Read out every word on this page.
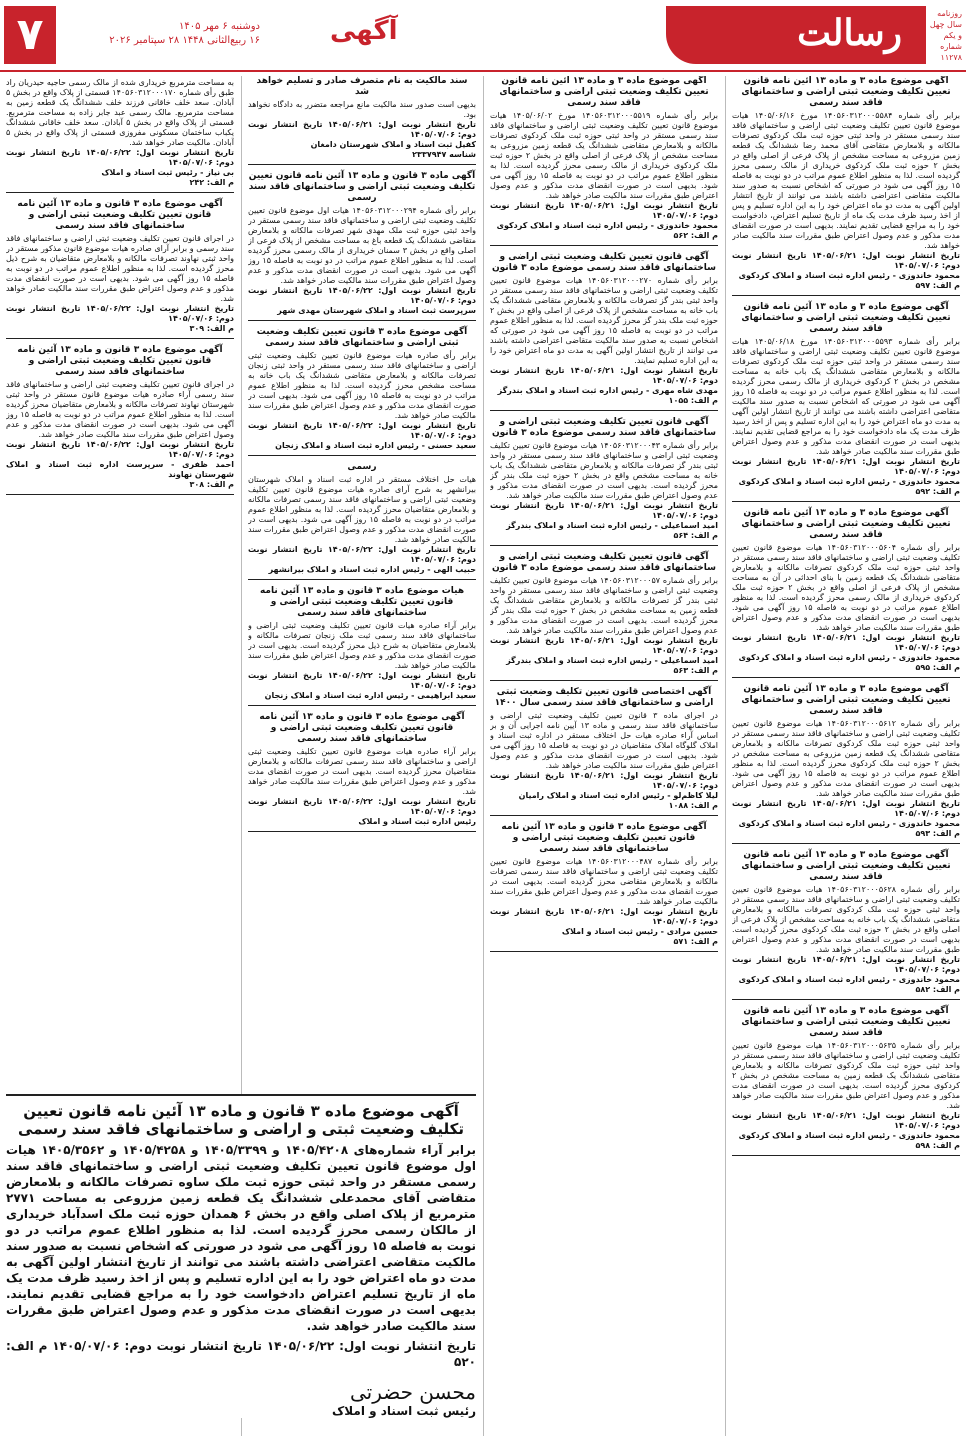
روزنامه
سال چهل و یکم
شماره ۱۱۲۷۸
رسالت
آگهی
دوشنبه ۶ مهر ۱۴۰۵
۱۶ ربیع‌الثانی ۱۴۴۸ ۲۸ سپتامبر ۲۰۲۶
۷
آگهی موضوع ماده ۳ و ماده ۱۳ آئین نامه قانون تعیین تکلیف وضعیت ثبتی اراضی و ساختمانهای فاقد سند رسمی

برابر رأی شماره ۱۴۰۵۶۰۳۱۲۰۰۰۵۵۸۴ مورخ ۱۴۰۵/۰۶/۱۶ هیات موضوع قانون تعیین تکلیف وضعیت ثبتی اراضی و ساختمانهای فاقد سند رسمی مستقر در واحد ثبتی حوزه ثبت ملک کردکوی تصرفات مالکانه و بلامعارض متقاضی آقای محمد رضا ششدانگ یک قطعه زمین مزروعی به مساحت مشخص از پلاک فرعی از اصلی واقع در بخش ۲ حوزه ثبت ملک کردکوی خریداری از مالک رسمی محرز گردیده است. لذا به منظور اطلاع عموم مراتب در دو نوبت به فاصله ۱۵ روز آگهی می شود در صورتی که اشخاص نسبت به صدور سند مالکیت متقاضی اعتراضی داشته باشند می توانند از تاریخ انتشار اولین آگهی به مدت دو ماه اعتراض خود را به این اداره تسلیم و پس از اخذ رسید ظرف مدت یک ماه از تاریخ تسلیم اعتراض، دادخواست خود را به مراجع قضایی تقدیم نمایند. بدیهی است در صورت انقضای مدت مذکور و عدم وصول اعتراض طبق مقررات سند مالکیت صادر خواهد شد.

تاریخ انتشار نوبت اول: ۱۴۰۵/۰۶/۲۱ تاریخ انتشار نوبت دوم: ۱۴۰۵/۰۷/۰۶

محمود خاندوزی - رئیس اداره ثبت اسناد و املاک کردکوی

م الف: ۵۹۷

آگهی موضوع ماده ۳ و ماده ۱۳ آئین نامه قانون تعیین تکلیف وضعیت ثبتی اراضی و ساختمانهای فاقد سند رسمی

برابر رأی شماره ۱۴۰۵۶۰۳۱۲۰۰۰۵۵۹۳ مورخ ۱۴۰۵/۰۶/۱۸ هیات موضوع قانون تعیین تکلیف وضعیت ثبتی اراضی و ساختمانهای فاقد سند رسمی مستقر در واحد ثبتی حوزه ثبت ملک کردکوی تصرفات مالکانه و بلامعارض متقاضی ششدانگ یک باب خانه به مساحت مشخص در بخش ۲ کردکوی خریداری از مالک رسمی محرز گردیده است. لذا به منظور اطلاع عموم مراتب در دو نوبت به فاصله ۱۵ روز آگهی می شود در صورتی که اشخاص نسبت به صدور سند مالکیت متقاضی اعتراضی داشته باشند می توانند از تاریخ انتشار اولین آگهی به مدت دو ماه اعتراض خود را به این اداره تسلیم و پس از اخذ رسید ظرف مدت یک ماه دادخواست خود را به مراجع قضایی تقدیم نمایند. بدیهی است در صورت انقضای مدت مذکور و عدم وصول اعتراض طبق مقررات سند مالکیت صادر خواهد شد.

تاریخ انتشار نوبت اول: ۱۴۰۵/۰۶/۲۱ تاریخ انتشار نوبت دوم: ۱۴۰۵/۰۷/۰۶

محمود خاندوزی - رئیس اداره ثبت اسناد و املاک کردکوی

م الف: ۵۹۲

آگهی موضوع ماده ۳ و ماده ۱۳ آئین نامه قانون تعیین تکلیف وضعیت ثبتی اراضی و ساختمانهای فاقد سند رسمی

برابر رأی شماره ۱۴۰۵۶۰۳۱۲۰۰۰۵۶۰۴ هیات موضوع قانون تعیین تکلیف وضعیت ثبتی اراضی و ساختمانهای فاقد سند رسمی مستقر در واحد ثبتی حوزه ثبت ملک کردکوی تصرفات مالکانه و بلامعارض متقاضی ششدانگ یک قطعه زمین با بنای احداثی در آن به مساحت مشخص از پلاک فرعی از اصلی واقع در بخش ۲ حوزه ثبت ملک کردکوی خریداری از مالک رسمی محرز گردیده است. لذا به منظور اطلاع عموم مراتب در دو نوبت به فاصله ۱۵ روز آگهی می شود. بدیهی است در صورت انقضای مدت مذکور و عدم وصول اعتراض طبق مقررات سند مالکیت صادر خواهد شد.

تاریخ انتشار نوبت اول: ۱۴۰۵/۰۶/۲۱ تاریخ انتشار نوبت دوم: ۱۴۰۵/۰۷/۰۶

محمود خاندوزی - رئیس اداره ثبت اسناد و املاک کردکوی

م الف: ۵۹۵

آگهی موضوع ماده ۳ و ماده ۱۳ آئین نامه قانون تعیین تکلیف وضعیت ثبتی اراضی و ساختمانهای فاقد سند رسمی

برابر رأی شماره ۱۴۰۵۶۰۳۱۲۰۰۰۵۶۱۲ هیات موضوع قانون تعیین تکلیف وضعیت ثبتی اراضی و ساختمانهای فاقد سند رسمی مستقر در واحد ثبتی حوزه ثبت ملک کردکوی تصرفات مالکانه و بلامعارض متقاضی ششدانگ یک قطعه زمین مزروعی به مساحت مشخص در بخش ۲ حوزه ثبت ملک کردکوی محرز گردیده است. لذا به منظور اطلاع عموم مراتب در دو نوبت به فاصله ۱۵ روز آگهی می شود. بدیهی است در صورت انقضای مدت مذکور و عدم وصول اعتراض طبق مقررات سند مالکیت صادر خواهد شد.

تاریخ انتشار نوبت اول: ۱۴۰۵/۰۶/۲۱ تاریخ انتشار نوبت دوم: ۱۴۰۵/۰۷/۰۶

محمود خاندوزی - رئیس اداره ثبت اسناد و املاک کردکوی

م الف: ۵۹۳

آگهی موضوع ماده ۳ و ماده ۱۳ آئین نامه قانون تعیین تکلیف وضعیت ثبتی اراضی و ساختمانهای فاقد سند رسمی

برابر رأی شماره ۱۴۰۵۶۰۳۱۲۰۰۰۵۶۲۸ هیات موضوع قانون تعیین تکلیف وضعیت ثبتی اراضی و ساختمانهای فاقد سند رسمی مستقر در واحد ثبتی حوزه ثبت ملک کردکوی تصرفات مالکانه و بلامعارض متقاضی ششدانگ یک باب خانه به مساحت مشخص از پلاک فرعی از اصلی واقع در بخش ۲ حوزه ثبت ملک کردکوی محرز گردیده است. بدیهی است در صورت انقضای مدت مذکور و عدم وصول اعتراض طبق مقررات سند مالکیت صادر خواهد شد.

تاریخ انتشار نوبت اول: ۱۴۰۵/۰۶/۲۱ تاریخ انتشار نوبت دوم: ۱۴۰۵/۰۷/۰۶

محمود خاندوزی - رئیس اداره ثبت اسناد و املاک کردکوی

م الف: ۵۸۲

آگهی موضوع ماده ۳ و ماده ۱۳ آئین نامه قانون تعیین تکلیف وضعیت ثبتی اراضی و ساختمانهای فاقد سند رسمی

برابر رأی شماره ۱۴۰۵۶۰۳۱۲۰۰۰۵۶۳۵ هیات موضوع قانون تعیین تکلیف وضعیت ثبتی اراضی و ساختمانهای فاقد سند رسمی مستقر در واحد ثبتی حوزه ثبت ملک کردکوی تصرفات مالکانه و بلامعارض متقاضی ششدانگ یک قطعه زمین به مساحت مشخص در بخش ۲ کردکوی محرز گردیده است. بدیهی است در صورت انقضای مدت مذکور و عدم وصول اعتراض طبق مقررات سند مالکیت صادر خواهد شد.

تاریخ انتشار نوبت اول: ۱۴۰۵/۰۶/۲۱ تاریخ انتشار نوبت دوم: ۱۴۰۵/۰۷/۰۶

محمود خاندوزی - رئیس اداره ثبت اسناد و املاک کردکوی

م الف: ۵۹۸

آگهی موضوع ماده ۳ و ماده ۱۳ آئین نامه قانون تعیین تکلیف وضعیت ثبتی اراضی و ساختمانهای فاقد سند رسمی

برابر رأی شماره ۱۴۰۵۶۰۳۱۲۰۰۰۵۵۱۹ مورخ ۱۴۰۵/۰۶/۰۲ هیات موضوع قانون تعیین تکلیف وضعیت ثبتی اراضی و ساختمانهای فاقد سند رسمی مستقر در واحد ثبتی حوزه ثبت ملک کردکوی تصرفات مالکانه و بلامعارض متقاضی ششدانگ یک قطعه زمین مزروعی به مساحت مشخص از پلاک فرعی از اصلی واقع در بخش ۲ حوزه ثبت ملک کردکوی خریداری از مالک رسمی محرز گردیده است. لذا به منظور اطلاع عموم مراتب در دو نوبت به فاصله ۱۵ روز آگهی می شود. بدیهی است در صورت انقضای مدت مذکور و عدم وصول اعتراض طبق مقررات سند مالکیت صادر خواهد شد.

تاریخ انتشار نوبت اول: ۱۴۰۵/۰۶/۲۱ تاریخ انتشار نوبت دوم: ۱۴۰۵/۰۷/۰۶

محمود خاندوزی - رئیس اداره ثبت اسناد و املاک کردکوی

م الف: ۵۶۲

آگهی قانون تعیین تکلیف وضعیت ثبتی اراضی و ساختمانهای فاقد سند رسمی موضوع ماده ۳ قانون

برابر رأی شماره ۱۴۰۵۶۰۳۱۲۰۰۰۲۷۰ هیات موضوع قانون تعیین تکلیف وضعیت ثبتی اراضی و ساختمانهای فاقد سند رسمی مستقر در واحد ثبتی بندر گز تصرفات مالکانه و بلامعارض متقاضی ششدانگ یک باب خانه به مساحت مشخص از پلاک فرعی از اصلی واقع در بخش ۲ حوزه ثبت ملک بندر گز محرز گردیده است. لذا به منظور اطلاع عموم مراتب در دو نوبت به فاصله ۱۵ روز آگهی می شود در صورتی که اشخاص نسبت به صدور سند مالکیت متقاضی اعتراضی داشته باشند می توانند از تاریخ انتشار اولین آگهی به مدت دو ماه اعتراض خود را به این اداره تسلیم نمایند.

تاریخ انتشار نوبت اول: ۱۴۰۵/۰۶/۲۱ تاریخ انتشار نوبت دوم: ۱۴۰۵/۰۷/۰۶

مهدی شاه مهری - رئیس اداره ثبت اسناد و املاک بندرگز

م الف: ۱۰۵۵

آگهی قانون تعیین تکلیف وضعیت ثبتی اراضی و ساختمانهای فاقد سند رسمی موضوع ماده ۳ قانون

برابر رأی شماره ۱۴۰۵۶۰۳۱۲۰۰۰۴۳ هیات موضوع قانون تعیین تکلیف وضعیت ثبتی اراضی و ساختمانهای فاقد سند رسمی مستقر در واحد ثبتی بندر گز تصرفات مالکانه و بلامعارض متقاضی ششدانگ یک باب خانه به مساحت مشخص واقع در بخش ۲ حوزه ثبت ملک بندر گز محرز گردیده است. بدیهی است در صورت انقضای مدت مذکور و عدم وصول اعتراض طبق مقررات سند مالکیت صادر خواهد شد.

تاریخ انتشار نوبت اول: ۱۴۰۵/۰۶/۲۱ تاریخ انتشار نوبت دوم: ۱۴۰۵/۰۷/۰۶

امید اسماعیلی - رئیس اداره ثبت اسناد و املاک بندرگز

م الف: ۵۶۴

آگهی قانون تعیین تکلیف وضعیت ثبتی اراضی و ساختمانهای فاقد سند رسمی موضوع ماده ۳ قانون

برابر رأی شماره ۱۴۰۵۶۰۳۱۲۰۰۰۵۷ هیات موضوع قانون تعیین تکلیف وضعیت ثبتی اراضی و ساختمانهای فاقد سند رسمی مستقر در واحد ثبتی بندر گز تصرفات مالکانه و بلامعارض متقاضی ششدانگ یک قطعه زمین به مساحت مشخص در بخش ۲ حوزه ثبت ملک بندر گز محرز گردیده است. بدیهی است در صورت انقضای مدت مذکور و عدم وصول اعتراض طبق مقررات سند مالکیت صادر خواهد شد.

تاریخ انتشار نوبت اول: ۱۴۰۵/۰۶/۲۱ تاریخ انتشار نوبت دوم: ۱۴۰۵/۰۷/۰۶

امید اسماعیلی - رئیس اداره ثبت اسناد و املاک بندرگز

م الف: ۵۶۳

آگهی اختصاصی قانون تعیین تکلیف وضعیت ثبتی اراضی و ساختمانهای فاقد سند رسمی سال ۱۴۰۰

در اجرای ماده ۳ قانون تعیین تکلیف وضعیت ثبتی اراضی و ساختمانهای فاقد سند رسمی و ماده ۱۳ آیین نامه اجرایی آن و بر اساس آراء صادره هیات حل اختلاف مستقر در اداره ثبت اسناد و املاک گلوگاه املاک متقاضیان در دو نوبت به فاصله ۱۵ روز آگهی می شود. بدیهی است در صورت انقضای مدت مذکور و عدم وصول اعتراض طبق مقررات سند مالکیت صادر خواهد شد.

تاریخ انتشار نوبت اول: ۱۴۰۵/۰۶/۲۱ تاریخ انتشار نوبت دوم: ۱۴۰۵/۰۷/۰۶

لیلا کاظم‌لو - رئیس اداره ثبت اسناد و املاک رامیان

م الف: ۱۰۸۸

آگهی موضوع ماده ۳ قانون و ماده ۱۳ آئین نامه قانون تعیین تکلیف وضعیت ثبتی اراضی و ساختمانهای فاقد سند رسمی

برابر رأی شماره ۱۴۰۵۶۰۳۱۲۰۰۰۴۸۷ هیات موضوع قانون تعیین تکلیف وضعیت ثبتی اراضی و ساختمانهای فاقد سند رسمی تصرفات مالکانه و بلامعارض متقاضی محرز گردیده است. بدیهی است در صورت انقضای مدت مذکور و عدم وصول اعتراض طبق مقررات سند مالکیت صادر خواهد شد.

تاریخ انتشار نوبت اول: ۱۴۰۵/۰۶/۲۱ تاریخ انتشار نوبت دوم: ۱۴۰۵/۰۷/۰۶

حسین مرادی - رئیس ثبت اسناد و املاک

م الف: ۵۷۱

سند مالکیت به نام متصرف صادر و تسلیم خواهد شد

بدیهی است صدور سند مالکیت مانع مراجعه متضرر به دادگاه نخواهد بود.

تاریخ انتشار نوبت اول: ۱۴۰۵/۰۶/۲۱ تاریخ انتشار نوبت دوم: ۱۴۰۵/۰۷/۰۶

کفیل ثبت اسناد و املاک شهرستان دامغان

شناسه ۲۳۳۷۹۴۷

آگهی ماده ۳ قانون و ماده ۱۳ آئین نامه قانون تعیین تکلیف وضعیت ثبتی اراضی و ساختمانهای فاقد سند رسمی

برابر رأی شماره ۱۴۰۵۶۰۳۱۲۰۰۰۲۹۴ هیات اول موضوع قانون تعیین تکلیف وضعیت ثبتی اراضی و ساختمانهای فاقد سند رسمی مستقر در واحد ثبتی حوزه ثبت ملک مهدی شهر تصرفات مالکانه و بلامعارض متقاضی ششدانگ یک قطعه باغ به مساحت مشخص از پلاک فرعی از اصلی واقع در بخش ۳ سمنان خریداری از مالک رسمی محرز گردیده است. لذا به منظور اطلاع عموم مراتب در دو نوبت به فاصله ۱۵ روز آگهی می شود. بدیهی است در صورت انقضای مدت مذکور و عدم وصول اعتراض طبق مقررات سند مالکیت صادر خواهد شد.

تاریخ انتشار نوبت اول: ۱۴۰۵/۰۶/۲۲ تاریخ انتشار نوبت دوم: ۱۴۰۵/۰۷/۰۶

سرپرست ثبت اسناد و املاک شهرستان مهدی شهر

آگهی موضوع ماده ۳ قانون تعیین تکلیف وضعیت ثبتی اراضی و ساختمانهای فاقد سند رسمی

برابر رأی صادره هیات موضوع قانون تعیین تکلیف وضعیت ثبتی اراضی و ساختمانهای فاقد سند رسمی مستقر در واحد ثبتی زنجان تصرفات مالکانه و بلامعارض متقاضی ششدانگ یک باب خانه به مساحت مشخص محرز گردیده است. لذا به منظور اطلاع عموم مراتب در دو نوبت به فاصله ۱۵ روز آگهی می شود. بدیهی است در صورت انقضای مدت مذکور و عدم وصول اعتراض طبق مقررات سند مالکیت صادر خواهد شد.

تاریخ انتشار نوبت اول: ۱۴۰۵/۰۶/۲۲ تاریخ انتشار نوبت دوم: ۱۴۰۵/۰۷/۰۶

سعید حسنی - رئیس اداره ثبت اسناد و املاک زنجان

رسمی

هیات حل اختلاف مستقر در اداره ثبت اسناد و املاک شهرستان بیرانشهر به شرح آرای صادره هیات موضوع قانون تعیین تکلیف وضعیت ثبتی اراضی و ساختمانهای فاقد سند رسمی تصرفات مالکانه و بلامعارض متقاضیان محرز گردیده است. لذا به منظور اطلاع عموم مراتب در دو نوبت به فاصله ۱۵ روز آگهی می شود. بدیهی است در صورت انقضای مدت مذکور و عدم وصول اعتراض طبق مقررات سند مالکیت صادر خواهد شد.

تاریخ انتشار نوبت اول: ۱۴۰۵/۰۶/۲۲ تاریخ انتشار نوبت دوم: ۱۴۰۵/۰۷/۰۶

حبیب الهی - رئیس اداره ثبت اسناد و املاک بیرانشهر

هیات موضوع ماده ۳ قانون و ماده ۱۳ آئین نامه قانون تعیین تکلیف وضعیت ثبتی اراضی و ساختمانهای فاقد سند رسمی

برابر آراء صادره هیات قانون تعیین تکلیف وضعیت ثبتی اراضی و ساختمانهای فاقد سند رسمی ثبت ملک زنجان تصرفات مالکانه و بلامعارض متقاضیان به شرح ذیل محرز گردیده است. بدیهی است در صورت انقضای مدت مذکور و عدم وصول اعتراض طبق مقررات سند مالکیت صادر خواهد شد.

تاریخ انتشار نوبت اول: ۱۴۰۵/۰۶/۲۲ تاریخ انتشار نوبت دوم: ۱۴۰۵/۰۷/۰۶

سعید ابراهیمی - رئیس اداره ثبت اسناد و املاک زنجان

آگهی موضوع ماده ۳ قانون و ماده ۱۳ آئین نامه قانون تعیین تکلیف وضعیت ثبتی اراضی و ساختمانهای فاقد سند رسمی

برابر آراء صادره هیات موضوع قانون تعیین تکلیف وضعیت ثبتی اراضی و ساختمانهای فاقد سند رسمی تصرفات مالکانه و بلامعارض متقاضیان محرز گردیده است. بدیهی است در صورت انقضای مدت مذکور و عدم وصول اعتراض طبق مقررات سند مالکیت صادر خواهد شد.

تاریخ انتشار نوبت اول: ۱۴۰۵/۰۶/۲۲ تاریخ انتشار نوبت دوم: ۱۴۰۵/۰۷/۰۶

رئیس اداره ثبت اسناد و املاک

به مساحت مترمربع خریداری شده از مالک رسمی حاجیه حیدریان راد طبق رأی شماره ۱۴۰۵۶۰۳۱۲۰۰۰۱۷۰ قسمتی از پلاک واقع در بخش ۵ آبادان. سعد خلف خاقانی فرزند خلف ششدانگ یک قطعه زمین به مساحت مترمربع. مالک رسمی عبد جابر زاده به مساحت مترمربع. قسمتی از پلاک واقع در بخش ۵ آبادان. سعد خلف خاقانی ششدانگ یکباب ساختمان مسکونی مفروزی قسمتی از پلاک واقع در بخش ۵ آبادان. مالکیت صادر خواهد شد.

تاریخ انتشار نوبت اول: ۱۴۰۵/۰۶/۲۲ تاریخ انتشار نوبت دوم: ۱۴۰۵/۰۷/۰۶

بی نیاز - رئیس ثبت اسناد و املاک

م الف: ۲۴۲

آگهی موضوع ماده ۳ قانون و ماده ۱۳ آئین نامه قانون تعیین تکلیف وضعیت ثبتی اراضی و ساختمانهای فاقد سند رسمی

در اجرای قانون تعیین تکلیف وضعیت ثبتی اراضی و ساختمانهای فاقد سند رسمی و برابر آرای صادره هیات موضوع قانون مذکور مستقر در واحد ثبتی نهاوند تصرفات مالکانه و بلامعارض متقاضیان به شرح ذیل محرز گردیده است. لذا به منظور اطلاع عموم مراتب در دو نوبت به فاصله ۱۵ روز آگهی می شود. بدیهی است در صورت انقضای مدت مذکور و عدم وصول اعتراض طبق مقررات سند مالکیت صادر خواهد شد.

تاریخ انتشار نوبت اول: ۱۴۰۵/۰۶/۲۲ تاریخ انتشار نوبت دوم: ۱۴۰۵/۰۷/۰۶

م الف: ۳۰۹

آگهی موضوع ماده ۳ قانون و ماده ۱۳ آئین نامه قانون تعیین تکلیف وضعیت ثبتی اراضی و ساختمانهای فاقد سند رسمی

در اجرای قانون تعیین تکلیف وضعیت ثبتی اراضی و ساختمانهای فاقد سند رسمی آراء صادره هیات موضوع قانون مستقر در واحد ثبتی شهرستان نهاوند تصرفات مالکانه و بلامعارض متقاضیان محرز گردیده است. لذا به منظور اطلاع عموم مراتب در دو نوبت به فاصله ۱۵ روز آگهی می شود. بدیهی است در صورت انقضای مدت مذکور و عدم وصول اعتراض طبق مقررات سند مالکیت صادر خواهد شد.

تاریخ انتشار نوبت اول: ۱۴۰۵/۰۶/۲۲ تاریخ انتشار نوبت دوم: ۱۴۰۵/۰۷/۰۶

احمد ظفری - سرپرست اداره ثبت اسناد و املاک شهرستان نهاوند

م الف: ۳۰۸

آگهی موضوع ماده ۳ قانون و ماده ۱۳ آئین نامه قانون تعیین تکلیف وضعیت ثبتی و اراضی و ساختمانهای فاقد سند رسمی

برابر آراء شماره‌های ۱۴۰۵/۴۲۰۸ و ۱۴۰۵/۳۳۹۹ و ۱۴۰۵/۴۲۵۸ و ۱۴۰۵/۳۵۶۲ هیات اول موضوع قانون تعیین تکلیف وضعیت ثبتی اراضی و ساختمانهای فاقد سند رسمی مستقر در واحد ثبتی حوزه ثبت ملک ساوه تصرفات مالکانه و بلامعارض متقاضی آقای محمدعلی ششدانگ یک قطعه زمین مزروعی به مساحت ۲۷۷۱ مترمربع از پلاک اصلی واقع در بخش ۶ همدان حوزه ثبت ملک اسدآباد خریداری از مالکان رسمی محرز گردیده است. لذا به منظور اطلاع عموم مراتب در دو نوبت به فاصله ۱۵ روز آگهی می شود در صورتی که اشخاص نسبت به صدور سند مالکیت متقاضی اعتراضی داشته باشند می توانند از تاریخ انتشار اولین آگهی به مدت دو ماه اعتراض خود را به این اداره تسلیم و پس از اخذ رسید ظرف مدت یک ماه از تاریخ تسلیم اعتراض دادخواست خود را به مراجع قضایی تقدیم نمایند. بدیهی است در صورت انقضای مدت مذکور و عدم وصول اعتراض طبق مقررات سند مالکیت صادر خواهد شد.

تاریخ انتشار نوبت اول: ۱۴۰۵/۰۶/۲۲ تاریخ انتشار نوبت دوم: ۱۴۰۵/۰۷/۰۶ م الف: ۵۲۰

محسن حضرتی
رئیس ثبت اسناد و املاک
